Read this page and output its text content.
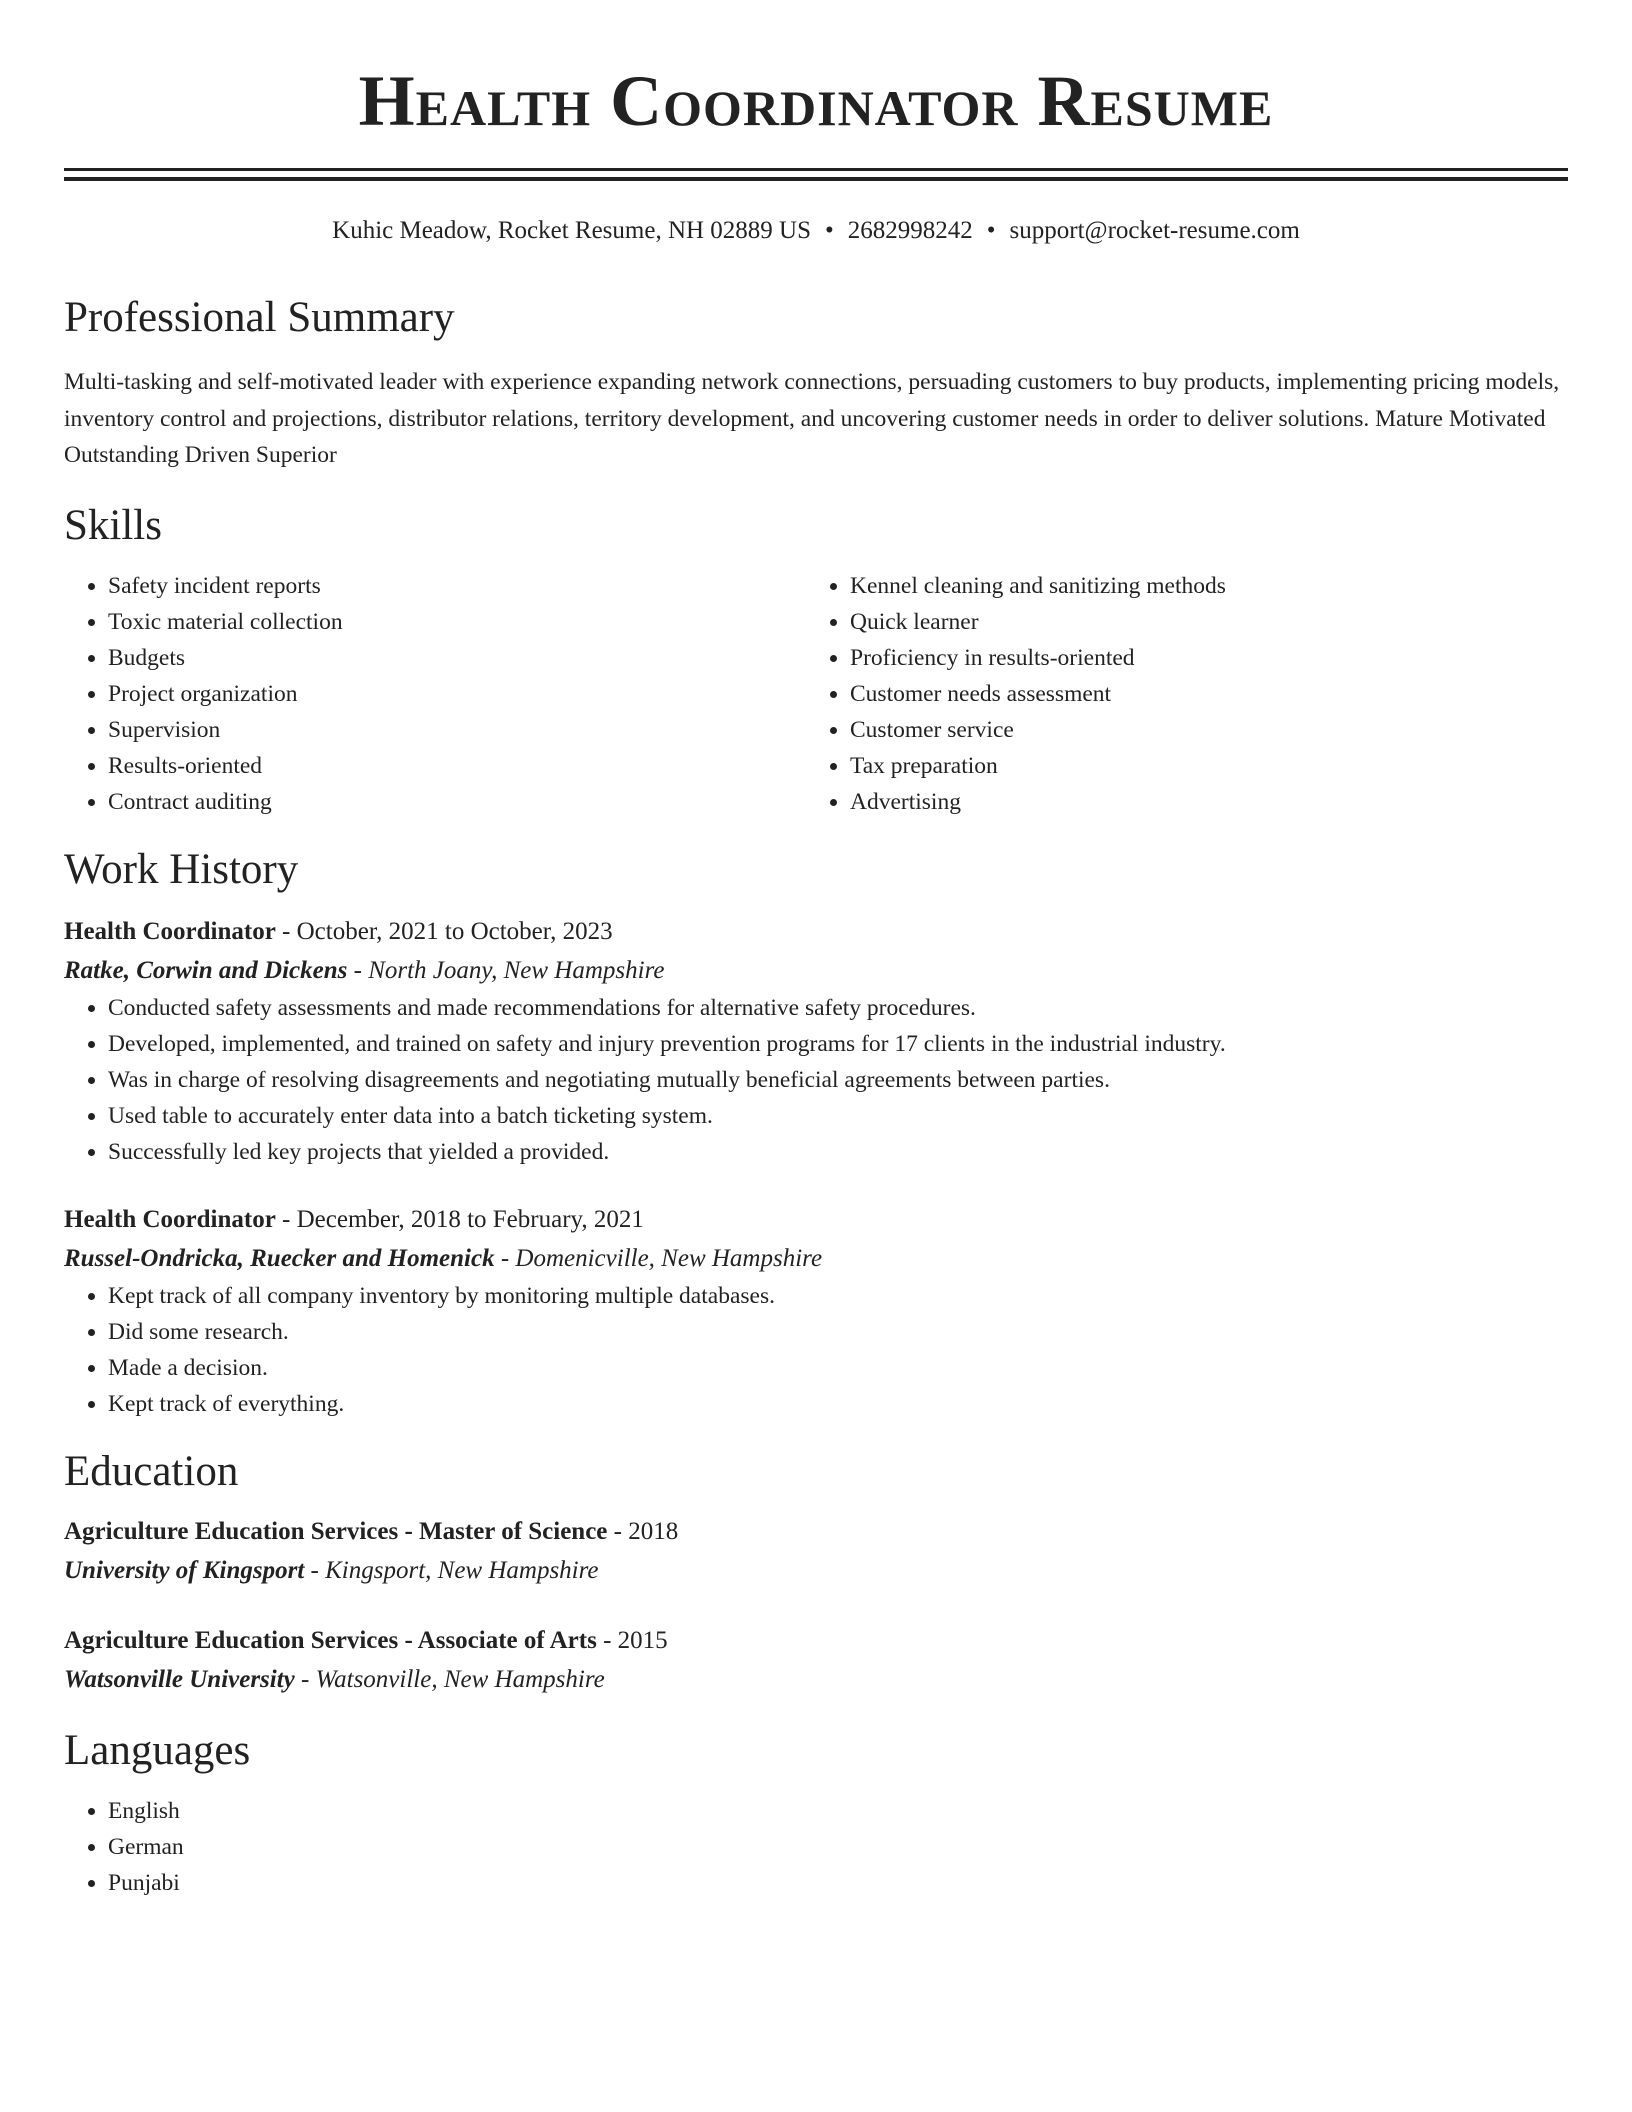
Health Coordinator Resume
Kuhic Meadow, Rocket Resume, NH 02889 US • 2682998242 • support@rocket-resume.com
Professional Summary

Multi-tasking and self-motivated leader with experience expanding network connections, persuading customers to buy products, implementing pricing models, inventory control and projections, distributor relations, territory development, and uncovering customer needs in order to deliver solutions. Mature Motivated Outstanding Driven Superior

Skills
• Safety incident reports
• Toxic material collection
• Budgets
• Project organization
• Supervision
• Results-oriented
• Contract auditing
• Kennel cleaning and sanitizing methods
• Quick learner
• Proficiency in results-oriented
• Customer needs assessment
• Customer service
• Tax preparation
• Advertising
Work History
Health Coordinator - October, 2021 to October, 2023
Ratke, Corwin and Dickens - North Joany, New Hampshire
• Conducted safety assessments and made recommendations for alternative safety procedures.
• Developed, implemented, and trained on safety and injury prevention programs for 17 clients in the industrial industry.
• Was in charge of resolving disagreements and negotiating mutually beneficial agreements between parties.
• Used table to accurately enter data into a batch ticketing system.
• Successfully led key projects that yielded a provided.
Health Coordinator - December, 2018 to February, 2021
Russel-Ondricka, Ruecker and Homenick - Domenicville, New Hampshire
• Kept track of all company inventory by monitoring multiple databases.
• Did some research.
• Made a decision.
• Kept track of everything.
Education
Agriculture Education Services - Master of Science - 2018
University of Kingsport - Kingsport, New Hampshire
Agriculture Education Services - Associate of Arts - 2015
Watsonville University - Watsonville, New Hampshire
Languages
• English
• German
• Punjabi
